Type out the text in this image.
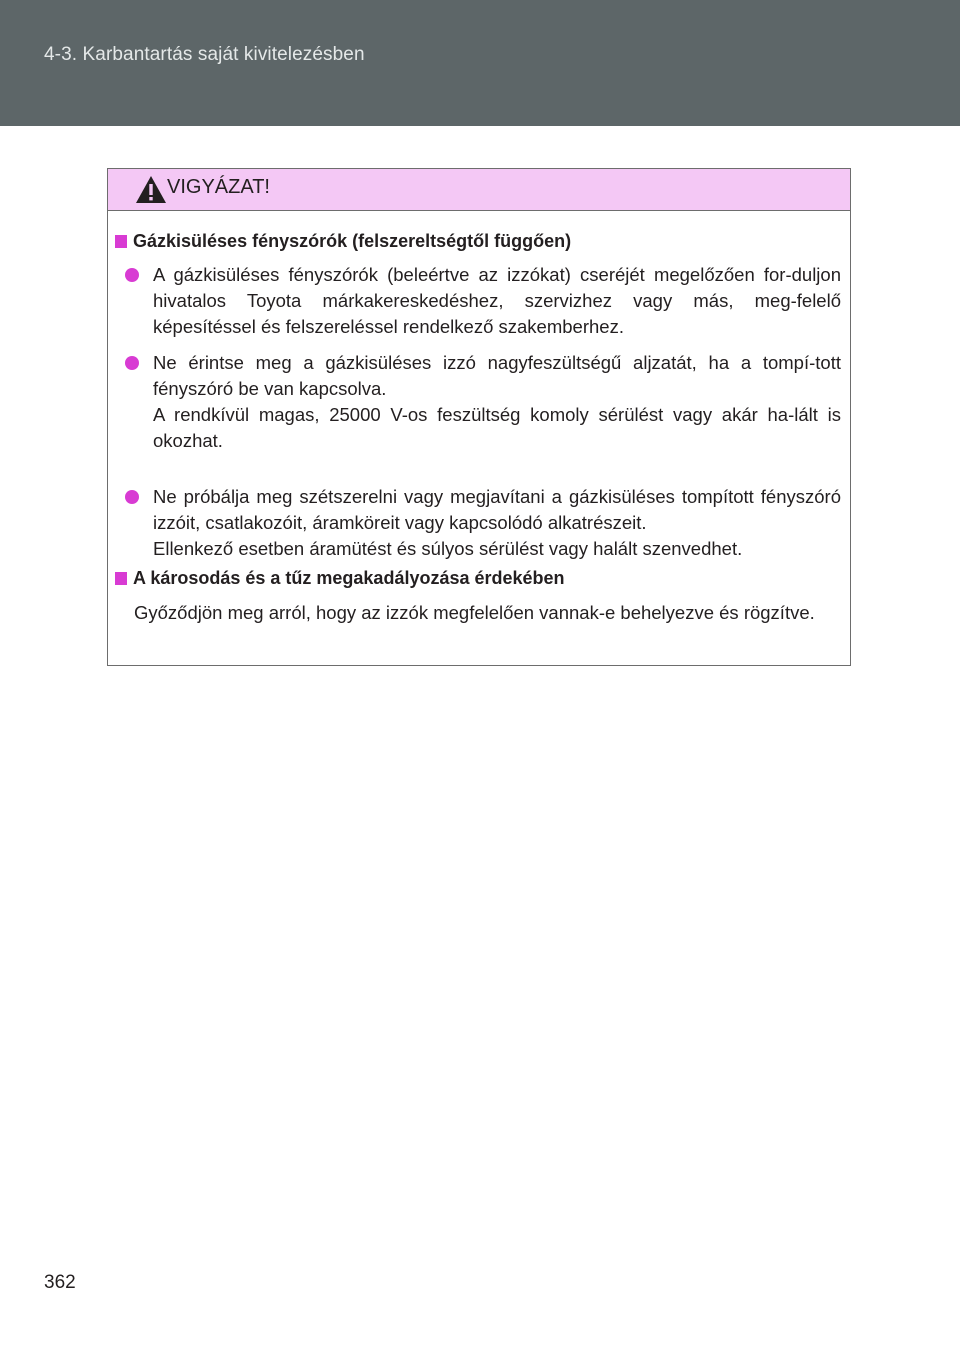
4-3. Karbantartás saját kivitelezésben
VIGYÁZAT!
Gázkisüléses fényszórók (felszereltségtől függően)

A gázkisüléses fényszórók (beleértve az izzókat) cseréjét megelőzően for-duljon hivatalos Toyota márkakereskedéshez, szervizhez vagy más, meg-felelő képesítéssel és felszereléssel rendelkező szakemberhez.

Ne érintse meg a gázkisüléses izzó nagyfeszültségű aljzatát, ha a tompí-tott fényszóró be van kapcsolva.

A rendkívül magas, 25000 V-os feszültség komoly sérülést vagy akár ha-lált is okozhat.

Ne próbálja meg szétszerelni vagy megjavítani a gázkisüléses tompított fényszóró izzóit, csatlakozóit, áramköreit vagy kapcsolódó alkatrészeit.

Ellenkező esetben áramütést és súlyos sérülést vagy halált szenvedhet.

A károsodás és a tűz megakadályozása érdekében

Győződjön meg arról, hogy az izzók megfelelően vannak-e behelyezve és rögzítve.

362
